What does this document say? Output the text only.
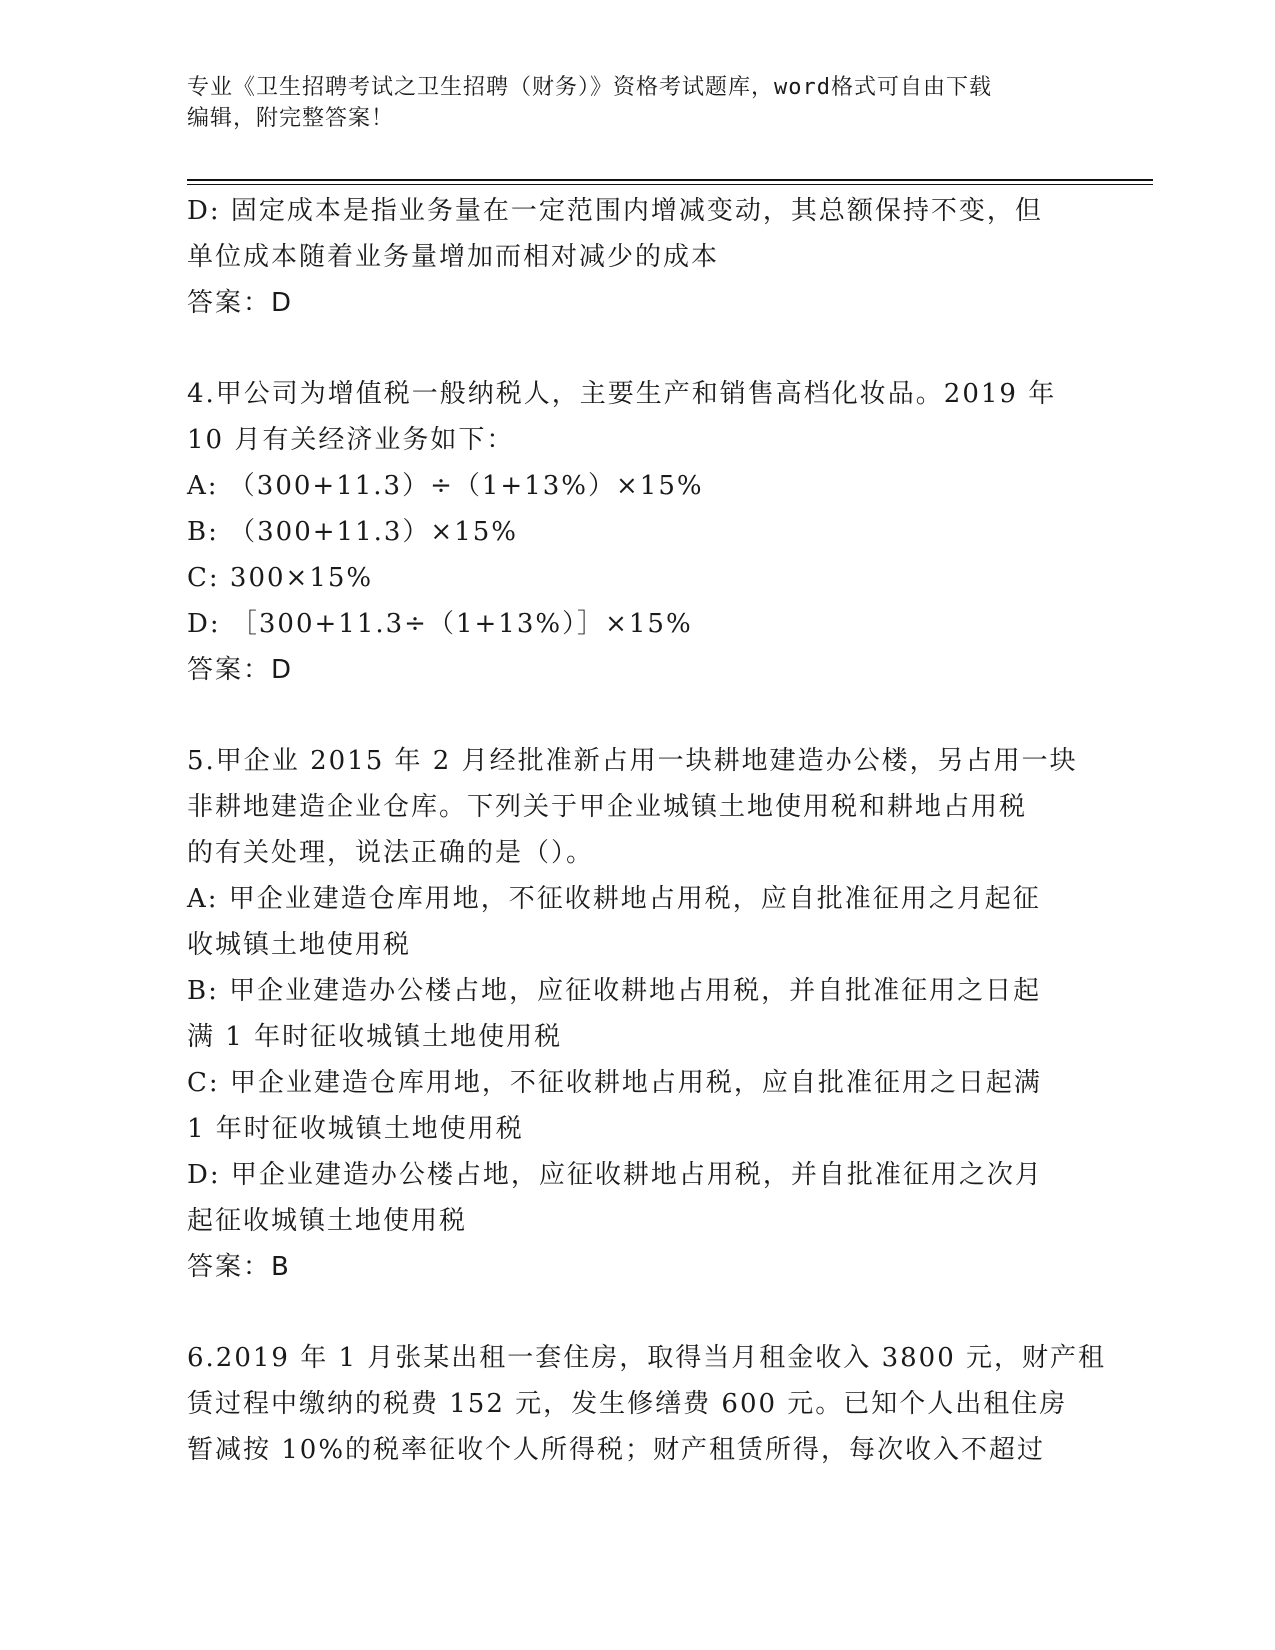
专业《卫生招聘考试之卫生招聘（财务）》资格考试题库，word格式可自由下载
编辑，附完整答案！
D: 固定成本是指业务量在一定范围内增减变动，其总额保持不变，但
单位成本随着业务量增加而相对减少的成本
答案：D
4.甲公司为增值税一般纳税人，主要生产和销售高档化妆品。2019 年
10 月有关经济业务如下：
A: （300+11.3）÷（1+13%）×15%
B: （300+11.3）×15%
C: 300×15%
D: ［300+11.3÷（1+13%）］×15%
答案：D
5.甲企业 2015 年 2 月经批准新占用一块耕地建造办公楼，另占用一块
非耕地建造企业仓库。下列关于甲企业城镇土地使用税和耕地占用税
的有关处理，说法正确的是（）。
A: 甲企业建造仓库用地，不征收耕地占用税，应自批准征用之月起征
收城镇土地使用税
B: 甲企业建造办公楼占地，应征收耕地占用税，并自批准征用之日起
满 1 年时征收城镇土地使用税
C: 甲企业建造仓库用地，不征收耕地占用税，应自批准征用之日起满
1 年时征收城镇土地使用税
D: 甲企业建造办公楼占地，应征收耕地占用税，并自批准征用之次月
起征收城镇土地使用税
答案：B
6.2019 年 1 月张某出租一套住房，取得当月租金收入 3800 元，财产租
赁过程中缴纳的税费 152 元，发生修缮费 600 元。已知个人出租住房
暂减按 10%的税率征收个人所得税；财产租赁所得，每次收入不超过
